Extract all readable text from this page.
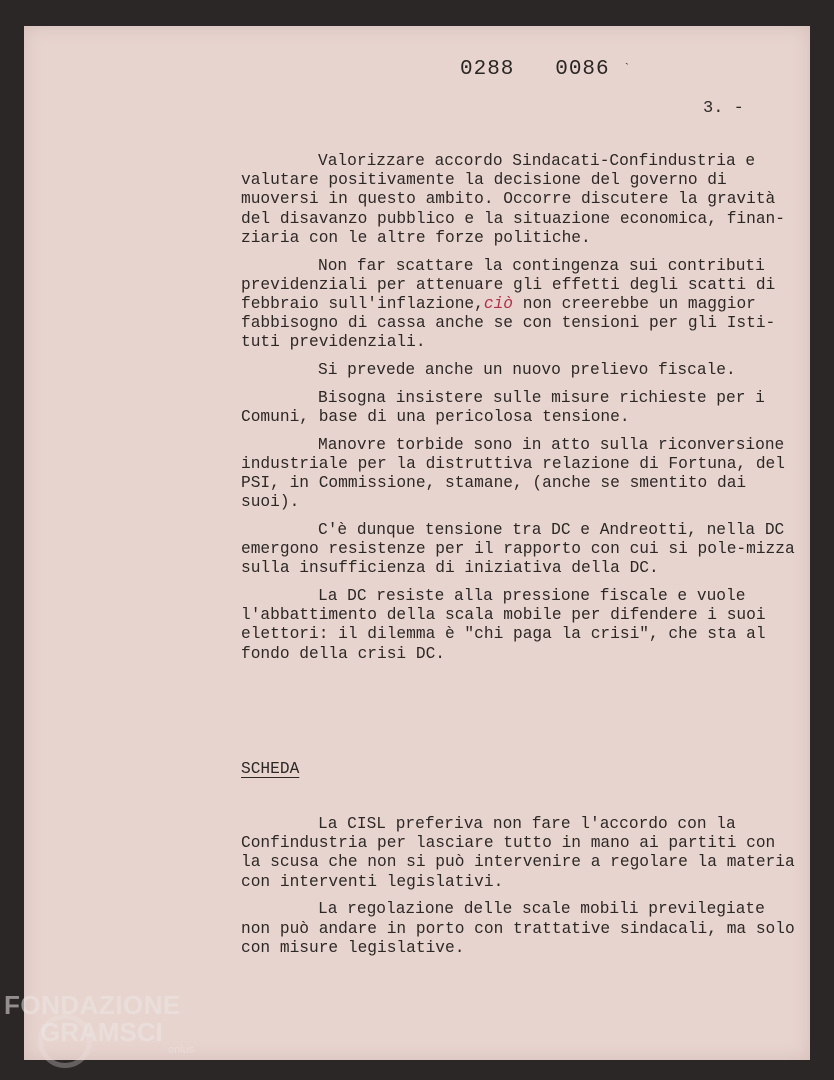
0288   0086 `
3. -

Valorizzare accordo Sindacati-Confindustria e valutare positivamente la decisione del governo di muoversi in questo ambito. Occorre discutere la gravità del disavanzo pubblico e la situazione economica, finan-ziaria con le altre forze politiche.

Non far scattare la contingenza sui contributi previdenziali per attenuare gli effetti degli scatti di febbraio sull'inflazione,ciò non creerebbe un maggior fabbisogno di cassa anche se con tensioni per gli Isti-tuti previdenziali.

Si prevede anche un nuovo prelievo fiscale.

Bisogna insistere sulle misure richieste per i Comuni, base di una pericolosa tensione.

Manovre torbide sono in atto sulla riconversione industriale per la distruttiva relazione di Fortuna, del PSI, in Commissione, stamane, (anche se smentito dai suoi).

C'è dunque tensione tra DC e Andreotti, nella DC emergono resistenze per il rapporto con cui si pole-mizza sulla insufficienza di iniziativa della DC.

La DC resiste alla pressione fiscale e vuole l'abbattimento della scala mobile per difendere i suoi elettori: il dilemma è "chi paga la crisi", che sta al fondo della crisi DC.

SCHEDA

La CISL preferiva non fare l'accordo con la Confindustria per lasciare tutto in mano ai partiti con la scusa che non si può intervenire a regolare la materia con interventi legislativi.

La regolazione delle scale mobili previlegiate non può andare in porto con trattative sindacali, ma solo con misure legislative.

FONDAZIONE
GRAMSCI
onlus
